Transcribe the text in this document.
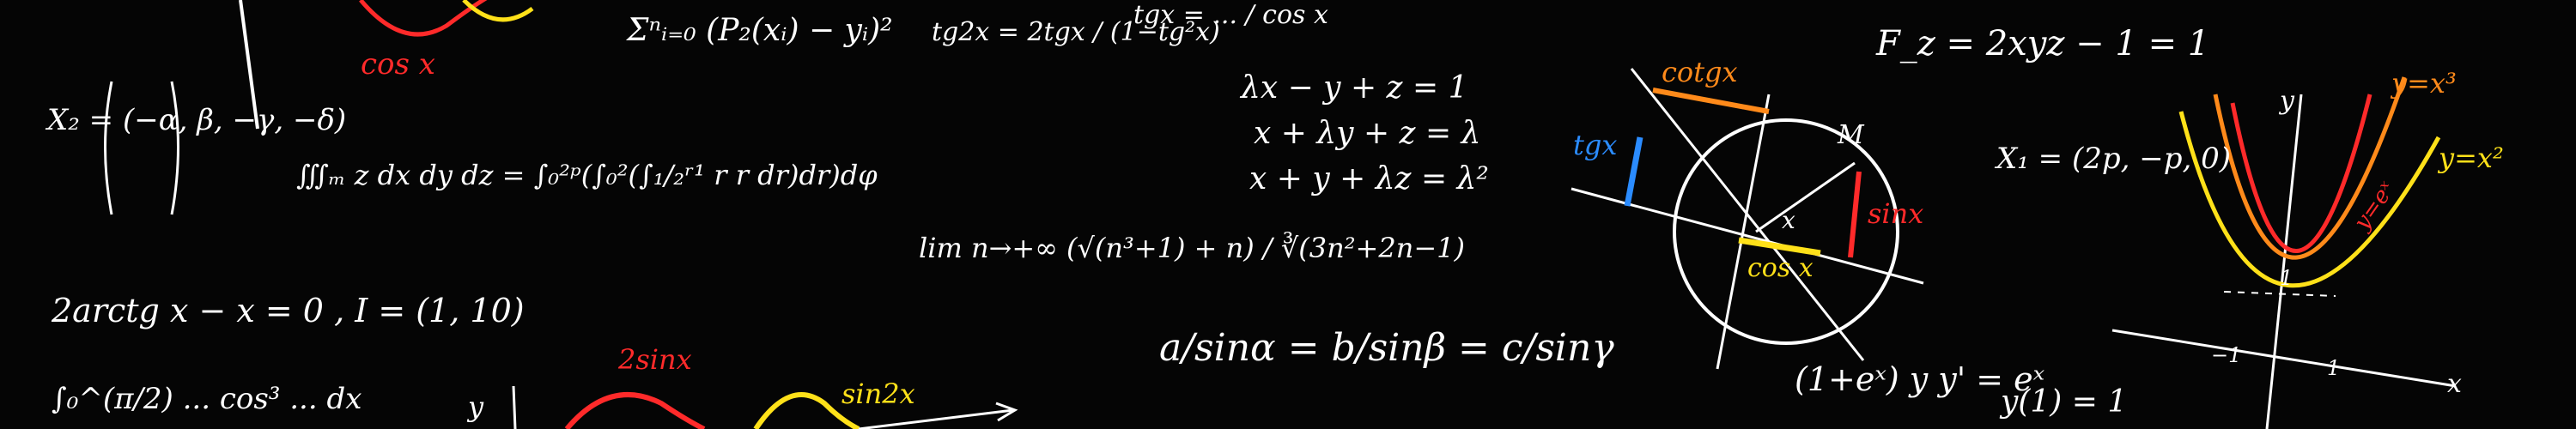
cos x
X₂ = (−α, β, −γ, −δ)
Σⁿᵢ₌₀ (P₂(xᵢ) − yᵢ)² tg2x = 2tgx / (1−tg²x)
tgx = ... / cos x
∭ₘ z dx dy dz = ∫₀²ᵖ(∫₀²(∫₁/₂ʳ¹ r r dr)dr)dφ
λx − y + z = 1
x + λy + z = λ
x + y + λz = λ²
lim n→+∞ (√(n³+1) + n) / ∛(3n²+2n−1)
2arctg x − x = 0 , I = (1, 10)
a/sinα = b/sinβ = c/sinγ
F_z = 2xyz − 1 = 1
X₁ = (2p, −p, 0)
(1+eˣ) y y' = eˣ
y(1) = 1
∫₀^(π/2) ... cos³ ... dx
2sinx
sin2x
y
cotgx
tgx
sinx
cos x
x
M
y=x³
y=x²
y=eˣ
y
x
−1
1
1
